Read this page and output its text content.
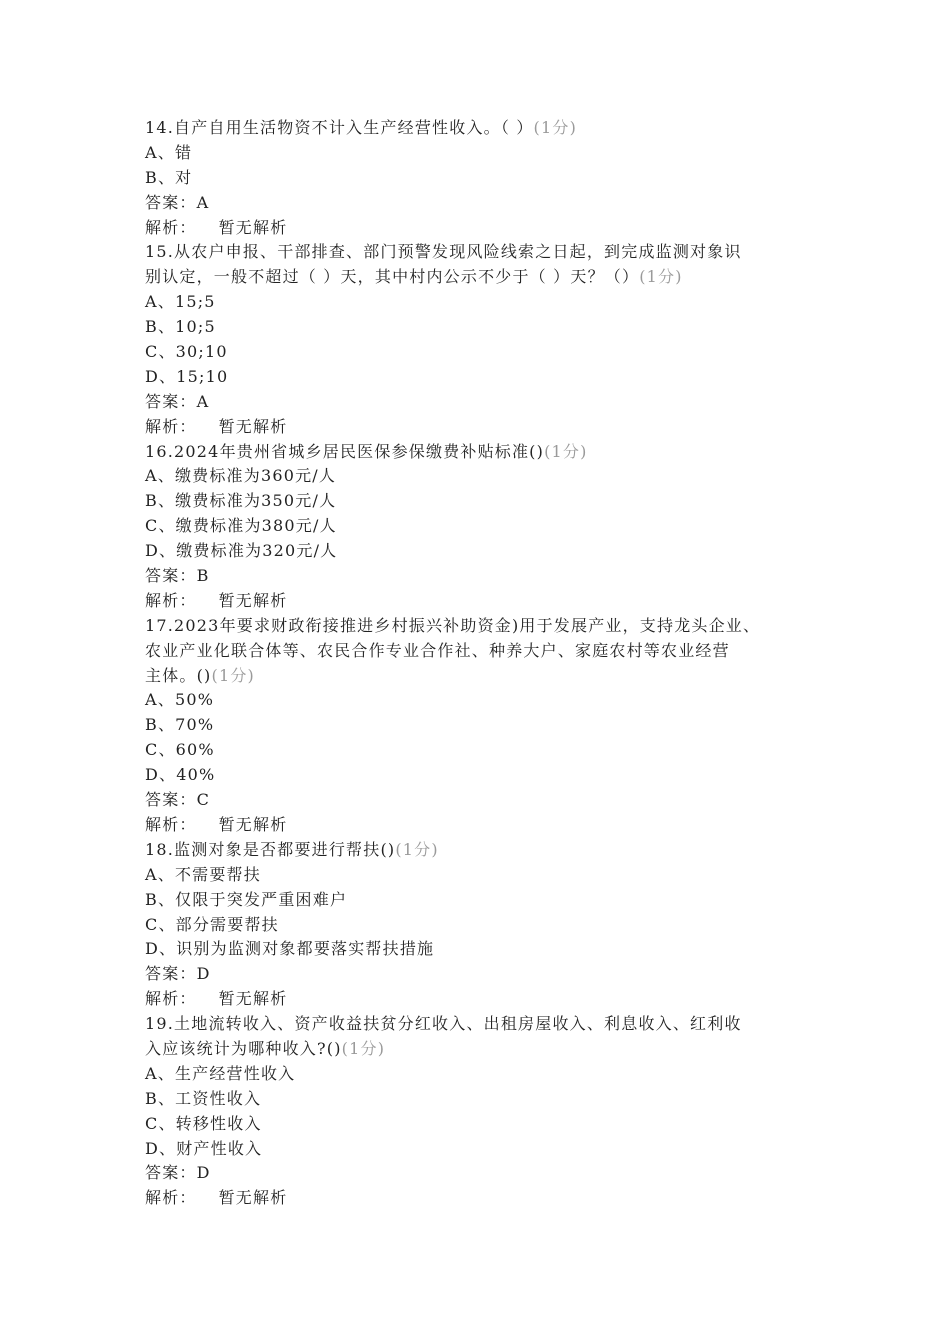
14.自产自用生活物资不计入生产经营性收入。（ ）(1分)
A、错
B、对
答案：A
解析： 暂无解析
15.从农户申报、干部排查、部门预警发现风险线索之日起，到完成监测对象识
别认定，一般不超过（ ）天，其中村内公示不少于（ ）天？（）(1分)
A、15;5
B、10;5
C、30;10
D、15;10
答案：A
解析： 暂无解析
16.2024年贵州省城乡居民医保参保缴费补贴标准()(1分)
A、缴费标准为360元/人
B、缴费标准为350元/人
C、缴费标准为380元/人
D、缴费标准为320元/人
答案：B
解析： 暂无解析
17.2023年要求财政衔接推进乡村振兴补助资金)用于发展产业，支持龙头企业、
农业产业化联合体等、农民合作专业合作社、种养大户、家庭农村等农业经营
主体。()(1分)
A、50%
B、70%
C、60%
D、40%
答案：C
解析： 暂无解析
18.监测对象是否都要进行帮扶()(1分)
A、不需要帮扶
B、仅限于突发严重困难户
C、部分需要帮扶
D、识别为监测对象都要落实帮扶措施
答案：D
解析： 暂无解析
19.土地流转收入、资产收益扶贫分红收入、出租房屋收入、利息收入、红利收
入应该统计为哪种收入?()(1分)
A、生产经营性收入
B、工资性收入
C、转移性收入
D、财产性收入
答案：D
解析： 暂无解析
